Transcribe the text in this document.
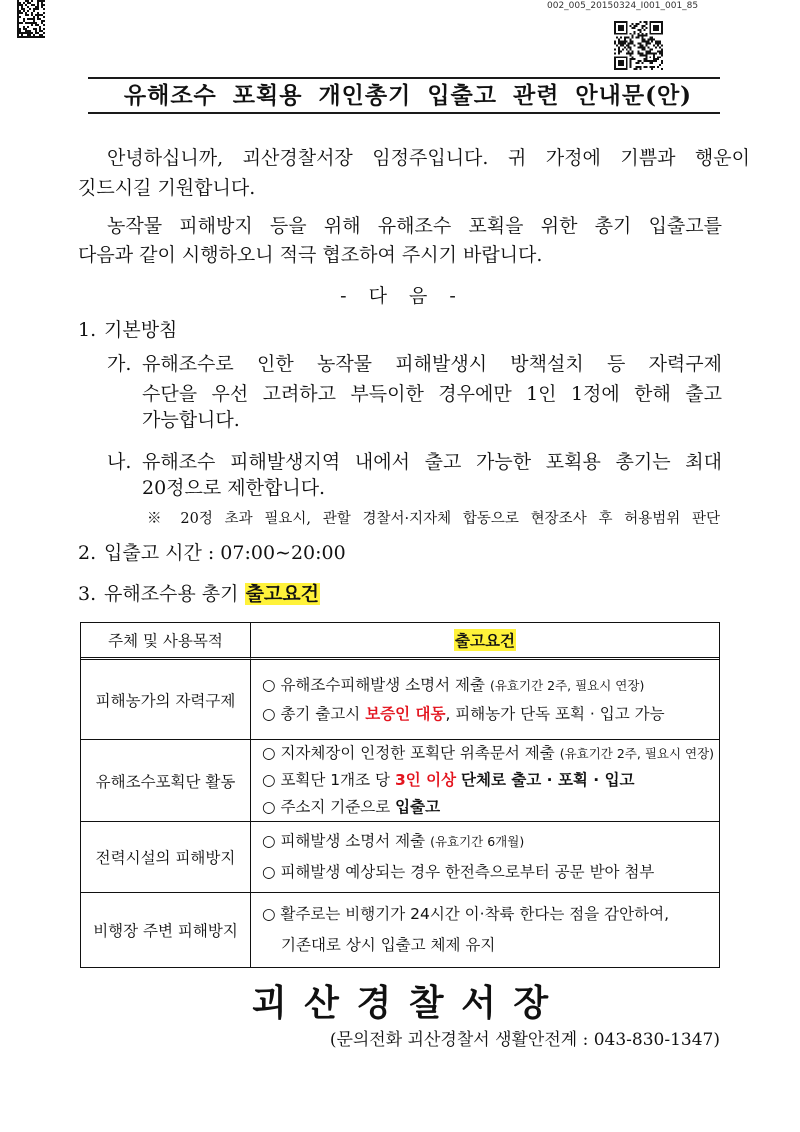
002_005_20150324_I001_001_85
유해조수 포획용 개인총기 입출고 관련 안내문(안)
안녕하십니까, 괴산경찰서장 임정주입니다. 귀 가정에 기쁨과 행운이
깃드시길 기원합니다.
농작물 피해방지 등을 위해 유해조수 포획을 위한 총기 입출고를
다음과 같이 시행하오니 적극 협조하여 주시기 바랍니다.
- 다 음 -
1. 기본방침
가. 유해조수로 인한 농작물 피해발생시 방책설치 등 자력구제
수단을 우선 고려하고 부득이한 경우에만 1인 1정에 한해 출고
가능합니다.
나. 유해조수 피해발생지역 내에서 출고 가능한 포획용 총기는 최대
20정으로 제한합니다.
※ 20정 초과 필요시, 관할 경찰서·지자체 합동으로 현장조사 후 허용범위 판단
2. 입출고 시간 : 07:00∼20:00
3. 유해조수용 총기 출고요건
주체 및 사용목적	출고요건
피해농가의 자력구제
○ 유해조수피해발생 소명서 제출 (유효기간 2주, 필요시 연장)
○ 총기 출고시 보증인 대동, 피해농가 단독 포획 · 입고 가능
유해조수포획단 활동
○ 지자체장이 인정한 포획단 위촉문서 제출 (유효기간 2주, 필요시 연장)
○ 포획단 1개조 당 3인 이상 단체로 출고 · 포획 · 입고
○ 주소지 기준으로 입출고
전력시설의 피해방지
○ 피해발생 소명서 제출 (유효기간 6개월)
○ 피해발생 예상되는 경우 한전측으로부터 공문 받아 첨부
비행장 주변 피해방지
○ 활주로는 비행기가 24시간 이·착륙 한다는 점을 감안하여,
기존대로 상시 입출고 체제 유지
괴 산 경 찰 서 장
(문의전화 괴산경찰서 생활안전계 : 043-830-1347)
